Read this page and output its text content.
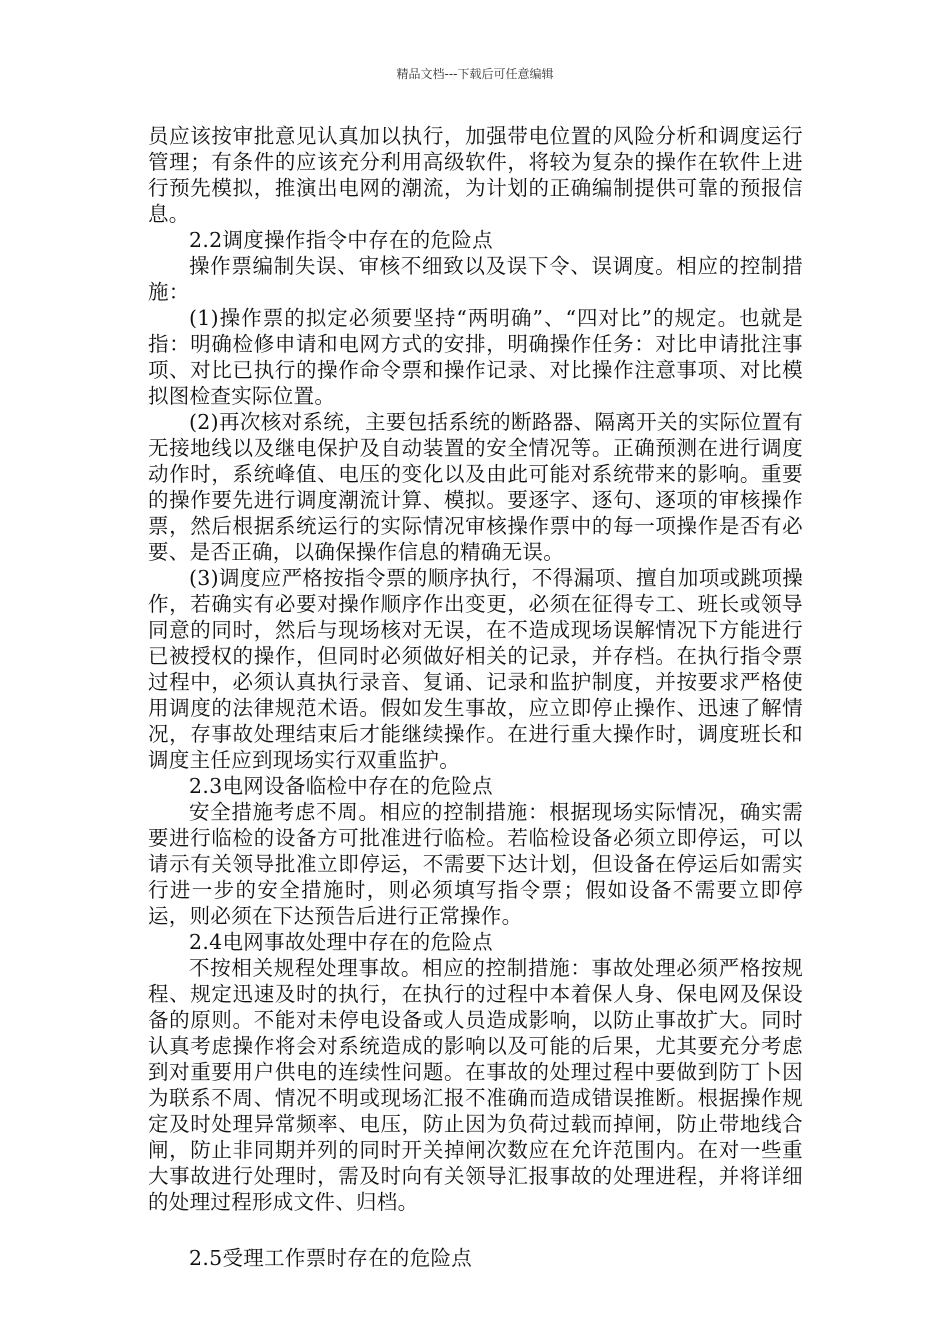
精品文档---下载后可任意编辑

员应该按审批意见认真加以执行，加强带电位置的风险分析和调度运行管理；有条件的应该充分利用高级软件，将较为复杂的操作在软件上进行预先模拟，推演出电网的潮流，为计划的正确编制提供可靠的预报信息。

2.2调度操作指令中存在的危险点

操作票编制失误、审核不细致以及误下令、误调度。相应的控制措施：

(1)操作票的拟定必须要坚持“两明确”、“四对比”的规定。也就是指：明确检修申请和电网方式的安排，明确操作任务：对比申请批注事项、对比已执行的操作命令票和操作记录、对比操作注意事项、对比模拟图检查实际位置。

(2)再次核对系统，主要包括系统的断路器、隔离开关的实际位置有无接地线以及继电保护及自动装置的安全情况等。正确预测在进行调度动作时，系统峰值、电压的变化以及由此可能对系统带来的影响。重要的操作要先进行调度潮流计算、模拟。要逐字、逐句、逐项的审核操作票，然后根据系统运行的实际情况审核操作票中的每一项操作是否有必要、是否正确，以确保操作信息的精确无误。

(3)调度应严格按指令票的顺序执行，不得漏项、擅自加项或跳项操作，若确实有必要对操作顺序作出变更，必须在征得专工、班长或领导同意的同时，然后与现场核对无误，在不造成现场误解情况下方能进行已被授权的操作，但同时必须做好相关的记录，并存档。在执行指令票过程中，必须认真执行录音、复诵、记录和监护制度，并按要求严格使用调度的法律规范术语。假如发生事故，应立即停止操作、迅速了解情况，存事故处理结束后才能继续操作。在进行重大操作时，调度班长和调度主任应到现场实行双重监护。

2.3电网设备临检中存在的危险点

安全措施考虑不周。相应的控制措施：根据现场实际情况，确实需要进行临检的设备方可批准进行临检。若临检设备必须立即停运，可以请示有关领导批准立即停运，不需要下达计划，但设备在停运后如需实行进一步的安全措施时，则必须填写指令票；假如设备不需要立即停运，则必须在下达预告后进行正常操作。

2.4电网事故处理中存在的危险点

不按相关规程处理事故。相应的控制措施：事故处理必须严格按规程、规定迅速及时的执行，在执行的过程中本着保人身、保电网及保设备的原则。不能对未停电设备或人员造成影响，以防止事故扩大。同时认真考虑操作将会对系统造成的影响以及可能的后果，尤其要充分考虑到对重要用户供电的连续性问题。在事故的处理过程中要做到防丁卜因为联系不周、情况不明或现场汇报不准确而造成错误推断。根据操作规定及时处理异常频率、电压，防止因为负荷过载而掉闸，防止带地线合闸，防止非同期并列的同时开关掉闸次数应在允许范围内。在对一些重大事故进行处理时，需及时向有关领导汇报事故的处理进程，并将详细的处理过程形成文件、归档。

2.5受理工作票时存在的危险点
